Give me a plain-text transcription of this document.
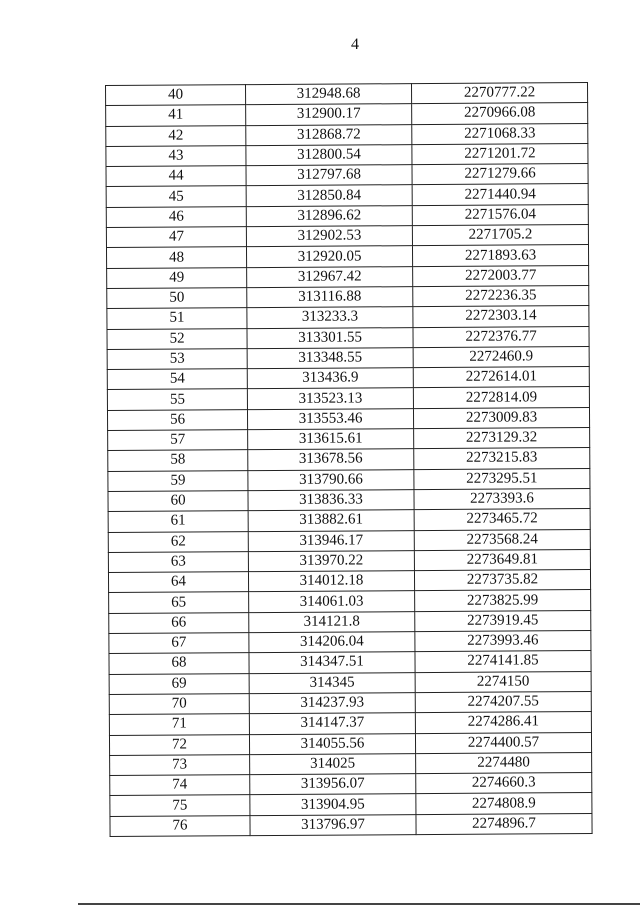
4
40	312948.68	2270777.22
41	312900.17	2270966.08
42	312868.72	2271068.33
43	312800.54	2271201.72
44	312797.68	2271279.66
45	312850.84	2271440.94
46	312896.62	2271576.04
47	312902.53	2271705.2
48	312920.05	2271893.63
49	312967.42	2272003.77
50	313116.88	2272236.35
51	313233.3	2272303.14
52	313301.55	2272376.77
53	313348.55	2272460.9
54	313436.9	2272614.01
55	313523.13	2272814.09
56	313553.46	2273009.83
57	313615.61	2273129.32
58	313678.56	2273215.83
59	313790.66	2273295.51
60	313836.33	2273393.6
61	313882.61	2273465.72
62	313946.17	2273568.24
63	313970.22	2273649.81
64	314012.18	2273735.82
65	314061.03	2273825.99
66	314121.8	2273919.45
67	314206.04	2273993.46
68	314347.51	2274141.85
69	314345	2274150
70	314237.93	2274207.55
71	314147.37	2274286.41
72	314055.56	2274400.57
73	314025	2274480
74	313956.07	2274660.3
75	313904.95	2274808.9
76	313796.97	2274896.7
